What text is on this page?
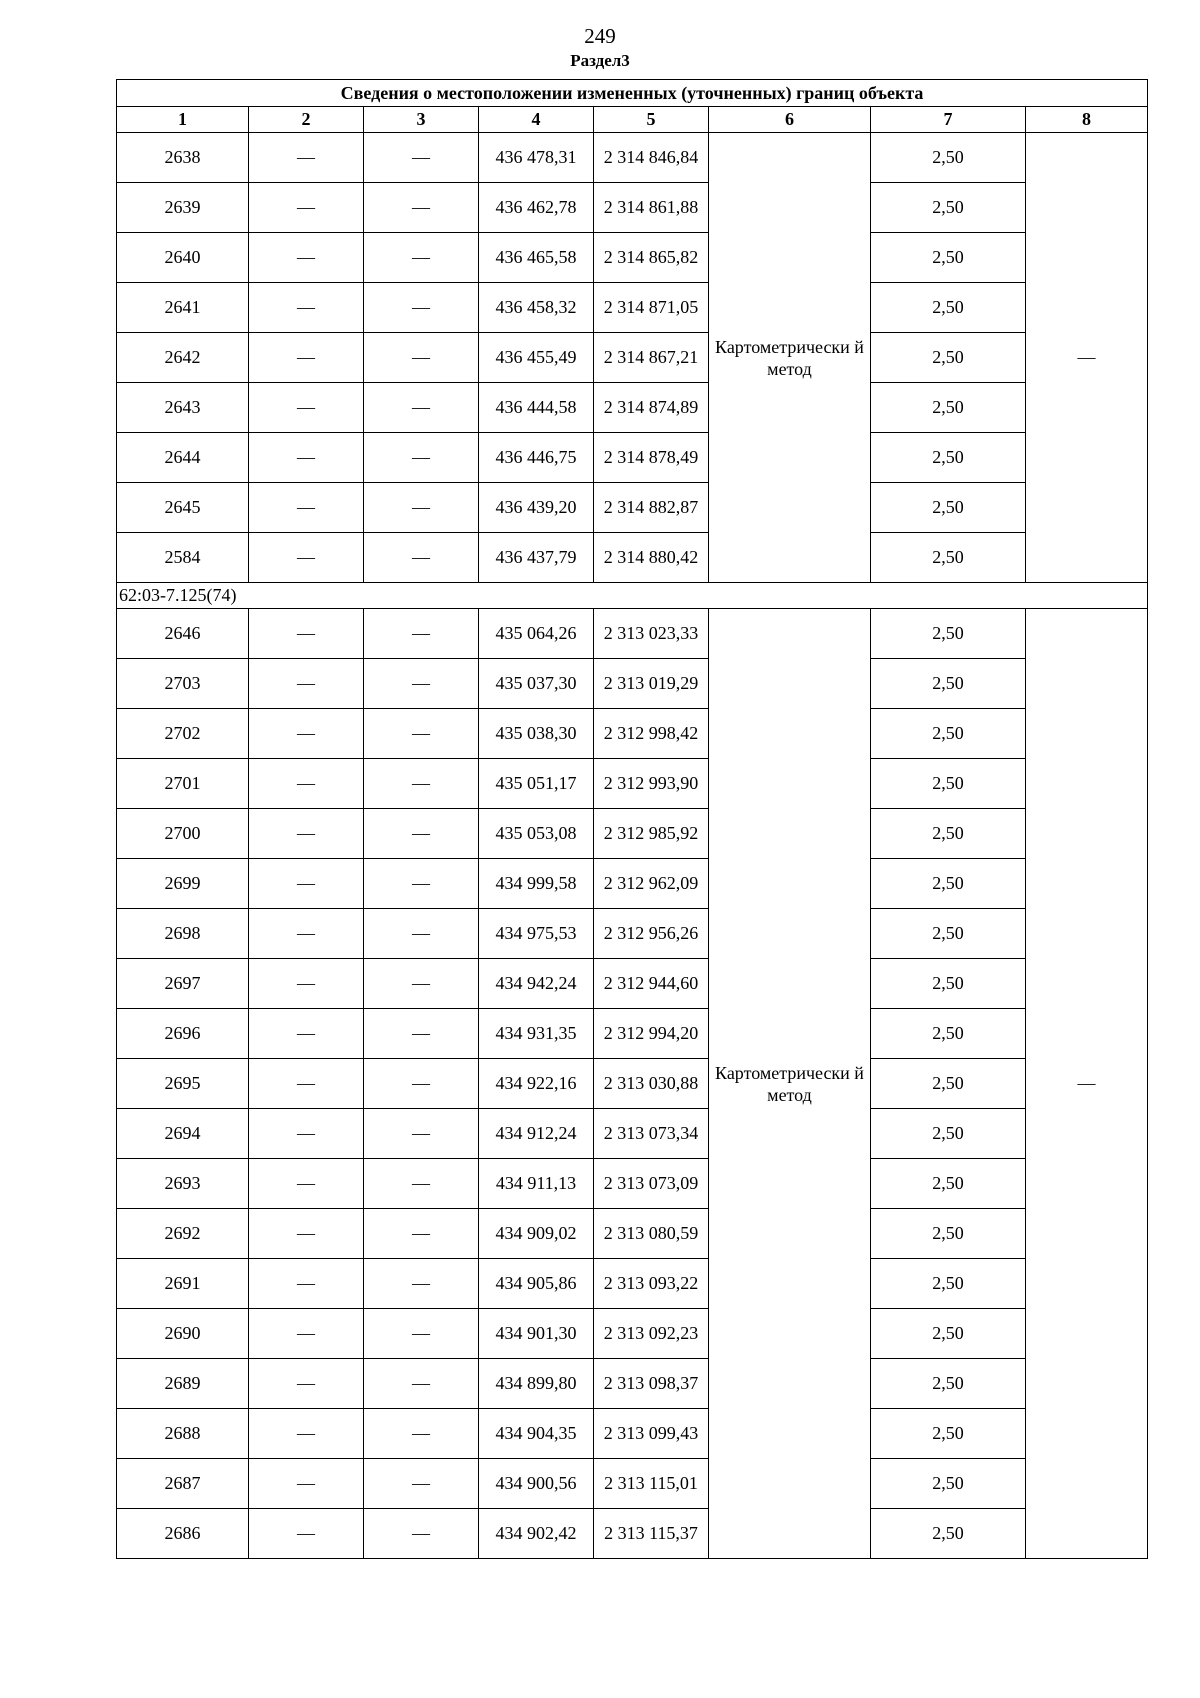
249
Раздел3
Сведения о местоположении измененных (уточненных) границ объекта							
1	2	3	4	5	6	7	8
2638	—	—	436 478,31	2 314 846,84	Картометрически й метод	2,50	—
2639	—	—	436 462,78	2 314 861,88		2,50	
2640	—	—	436 465,58	2 314 865,82		2,50	
2641	—	—	436 458,32	2 314 871,05		2,50	
2642	—	—	436 455,49	2 314 867,21		2,50	
2643	—	—	436 444,58	2 314 874,89		2,50	
2644	—	—	436 446,75	2 314 878,49		2,50	
2645	—	—	436 439,20	2 314 882,87		2,50	
2584	—	—	436 437,79	2 314 880,42		2,50	
62:03-7.125(74)							
2646	—	—	435 064,26	2 313 023,33	Картометрически й метод	2,50	—
2703	—	—	435 037,30	2 313 019,29		2,50	
2702	—	—	435 038,30	2 312 998,42		2,50	
2701	—	—	435 051,17	2 312 993,90		2,50	
2700	—	—	435 053,08	2 312 985,92		2,50	
2699	—	—	434 999,58	2 312 962,09		2,50	
2698	—	—	434 975,53	2 312 956,26		2,50	
2697	—	—	434 942,24	2 312 944,60		2,50	
2696	—	—	434 931,35	2 312 994,20		2,50	
2695	—	—	434 922,16	2 313 030,88		2,50	
2694	—	—	434 912,24	2 313 073,34		2,50	
2693	—	—	434 911,13	2 313 073,09		2,50	
2692	—	—	434 909,02	2 313 080,59		2,50	
2691	—	—	434 905,86	2 313 093,22		2,50	
2690	—	—	434 901,30	2 313 092,23		2,50	
2689	—	—	434 899,80	2 313 098,37		2,50	
2688	—	—	434 904,35	2 313 099,43		2,50	
2687	—	—	434 900,56	2 313 115,01		2,50	
2686	—	—	434 902,42	2 313 115,37		2,50	
